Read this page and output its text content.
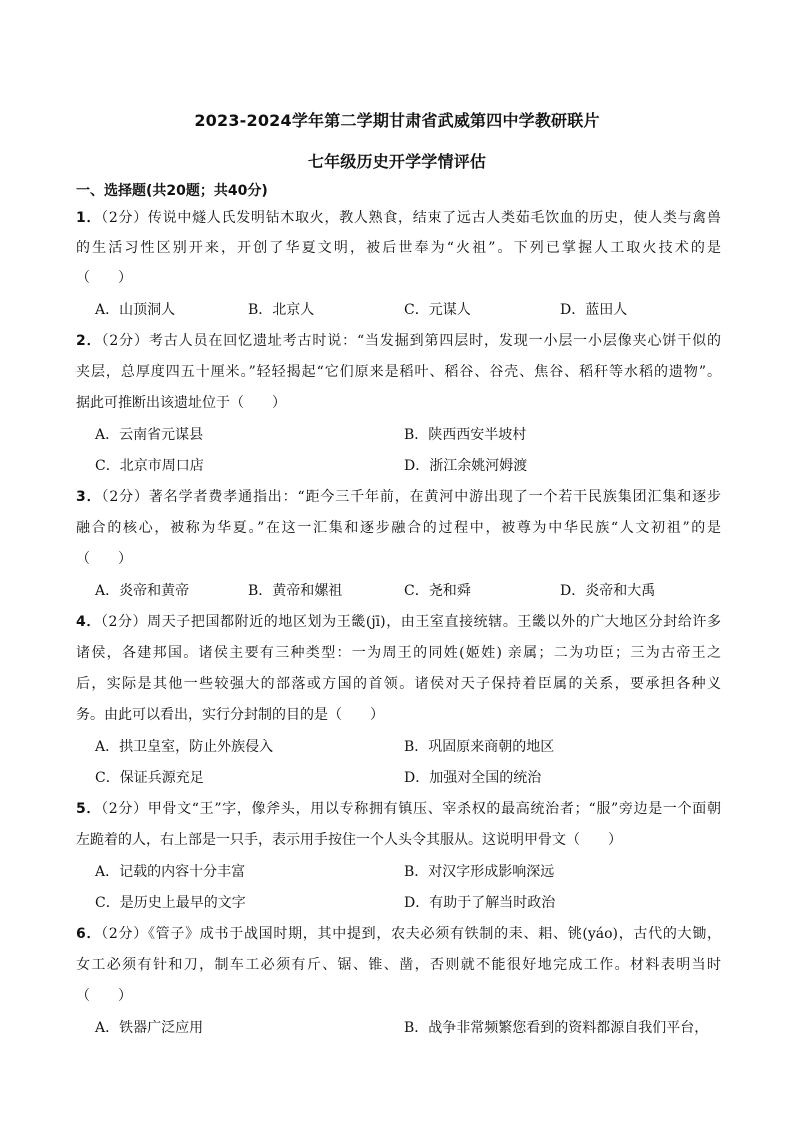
2023-2024学年第二学期甘肃省武威第四中学教研联片
七年级历史开学学情评估
一、选择题(共20题；共40分)
1．（2分）传说中燧人氏发明钻木取火，教人熟食，结束了远古人类茹毛饮血的历史，使人类与禽兽
的生活习性区别开来，开创了华夏文明，被后世奉为“火祖”。下列已掌握人工取火技术的是
（　　）
A．山顶洞人	B．北京人	C．元谋人	D．蓝田人
2．（2分）考古人员在回忆遗址考古时说：“当发掘到第四层时，发现一小层一小层像夹心饼干似的
夹层，总厚度四五十厘米。”轻轻揭起“它们原来是稻叶、稻谷、谷壳、焦谷、稻秆等水稻的遗物”。
据此可推断出该遗址位于（　　）
A．云南省元谋县	B．陕西西安半坡村
C．北京市周口店	D．浙江余姚河姆渡
3．（2分）著名学者费孝通指出：“距今三千年前，在黄河中游出现了一个若干民族集团汇集和逐步
融合的核心，被称为华夏。”在这一汇集和逐步融合的过程中，被尊为中华民族“人文初祖”的是
（　　）
A．炎帝和黄帝	B．黄帝和嫘祖	C．尧和舜	D．炎帝和大禹
4．（2分）周天子把国都附近的地区划为王畿(jī)，由王室直接统辖。王畿以外的广大地区分封给许多
诸侯，各建邦国。诸侯主要有三种类型：一为周王的同姓(姬姓) 亲属；二为功臣；三为古帝王之
后，实际是其他一些较强大的部落或方国的首领。诸侯对天子保持着臣属的关系，要承担各种义
务。由此可以看出，实行分封制的目的是（　　）
A．拱卫皇室，防止外族侵入	B．巩固原来商朝的地区
C．保证兵源充足	D．加强对全国的统治
5．（2分）甲骨文“王”字，像斧头，用以专称拥有镇压、宰杀权的最高统治者；“服”旁边是一个面朝
左跪着的人，右上部是一只手，表示用手按住一个人头令其服从。这说明甲骨文（　　）
A．记载的内容十分丰富	B．对汉字形成影响深远
C．是历史上最早的文字	D．有助于了解当时政治
6．（2分）《管子》成书于战国时期，其中提到，农夫必须有铁制的耒、耜、铫(yáo)，古代的大锄，
女工必须有针和刀，制车工必须有斤、锯、锥、凿，否则就不能很好地完成工作。材料表明当时
（　　）
A．铁器广泛应用	B．战争非常频繁您看到的资料都源自我们平台，
